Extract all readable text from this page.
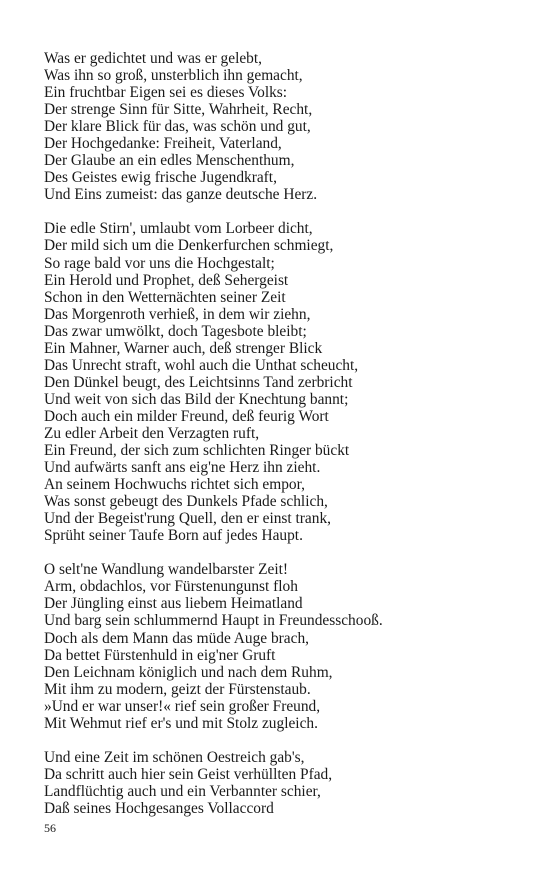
Was er gedichtet und was er gelebt,
Was ihn so groß, unsterblich ihn gemacht,
Ein fruchtbar Eigen sei es dieses Volks:
Der strenge Sinn für Sitte, Wahrheit, Recht,
Der klare Blick für das, was schön und gut,
Der Hochgedanke: Freiheit, Vaterland,
Der Glaube an ein edles Menschenthum,
Des Geistes ewig frische Jugendkraft,
Und Eins zumeist: das ganze deutsche Herz.
Die edle Stirn', umlaubt vom Lorbeer dicht,
Der mild sich um die Denkerfurchen schmiegt,
So rage bald vor uns die Hochgestalt;
Ein Herold und Prophet, deß Sehergeist
Schon in den Wetternächten seiner Zeit
Das Morgenroth verhieß, in dem wir ziehn,
Das zwar umwölkt, doch Tagesbote bleibt;
Ein Mahner, Warner auch, deß strenger Blick
Das Unrecht straft, wohl auch die Unthat scheucht,
Den Dünkel beugt, des Leichtsinns Tand zerbricht
Und weit von sich das Bild der Knechtung bannt;
Doch auch ein milder Freund, deß feurig Wort
Zu edler Arbeit den Verzagten ruft,
Ein Freund, der sich zum schlichten Ringer bückt
Und aufwärts sanft ans eig'ne Herz ihn zieht.
An seinem Hochwuchs richtet sich empor,
Was sonst gebeugt des Dunkels Pfade schlich,
Und der Begeist'rung Quell, den er einst trank,
Sprüht seiner Taufe Born auf jedes Haupt.
O selt'ne Wandlung wandelbarster Zeit!
Arm, obdachlos, vor Fürstenungunst floh
Der Jüngling einst aus liebem Heimatland
Und barg sein schlummernd Haupt in Freundesschooß.
Doch als dem Mann das müde Auge brach,
Da bettet Fürstenhuld in eig'ner Gruft
Den Leichnam königlich und nach dem Ruhm,
Mit ihm zu modern, geizt der Fürstenstaub.
»Und er war unser!« rief sein großer Freund,
Mit Wehmut rief er's und mit Stolz zugleich.
Und eine Zeit im schönen Oestreich gab's,
Da schritt auch hier sein Geist verhüllten Pfad,
Landflüchtig auch und ein Verbannter schier,
Daß seines Hochgesanges Vollaccord
56
